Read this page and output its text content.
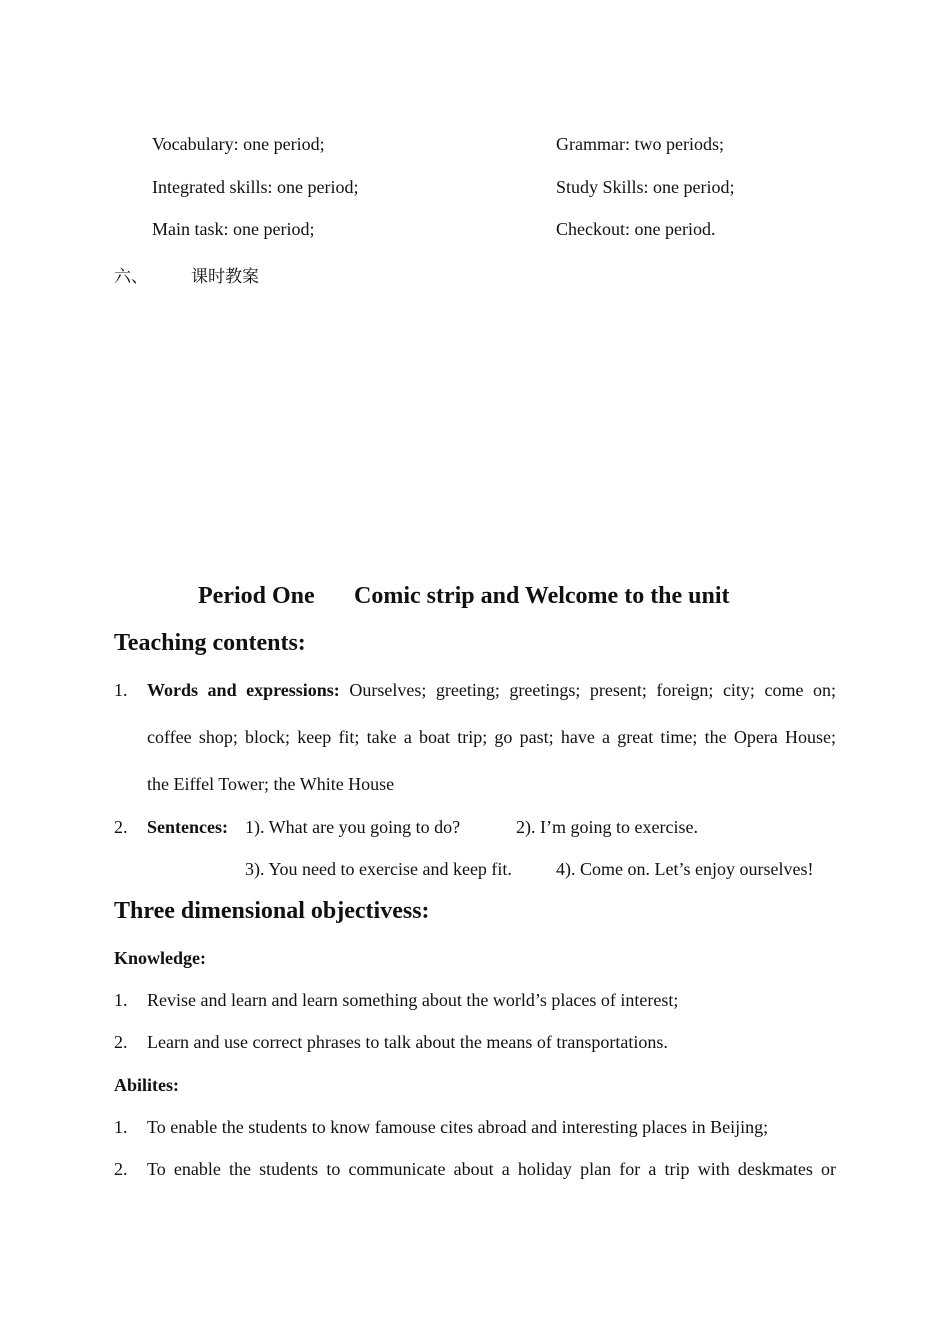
Vocabulary: one period;	Grammar: two periods;
Integrated skills: one period;	Study Skills: one period;
Main task: one period;	Checkout: one period.
六、	课时教案
Period One Comic strip and Welcome to the unit
Teaching contents:
1. Words and expressions: Ourselves; greeting; greetings; present; foreign; city; come on;
coffee shop; block; keep fit; take a boat trip; go past; have a great time; the Opera House;
the Eiffel Tower; the White House
2. Sentences: 1). What are you going to do?	2). I’m going to exercise.
3). You need to exercise and keep fit. 4). Come on. Let’s enjoy ourselves!
Three dimensional objectivess:
Knowledge:
1. Revise and learn and learn something about the world’s places of interest;
2. Learn and use correct phrases to talk about the means of transportations.
Abilites:
1. To enable the students to know famouse cites abroad and interesting places in Beijing;
2. To enable the students to communicate about a holiday plan for a trip with deskmates or
